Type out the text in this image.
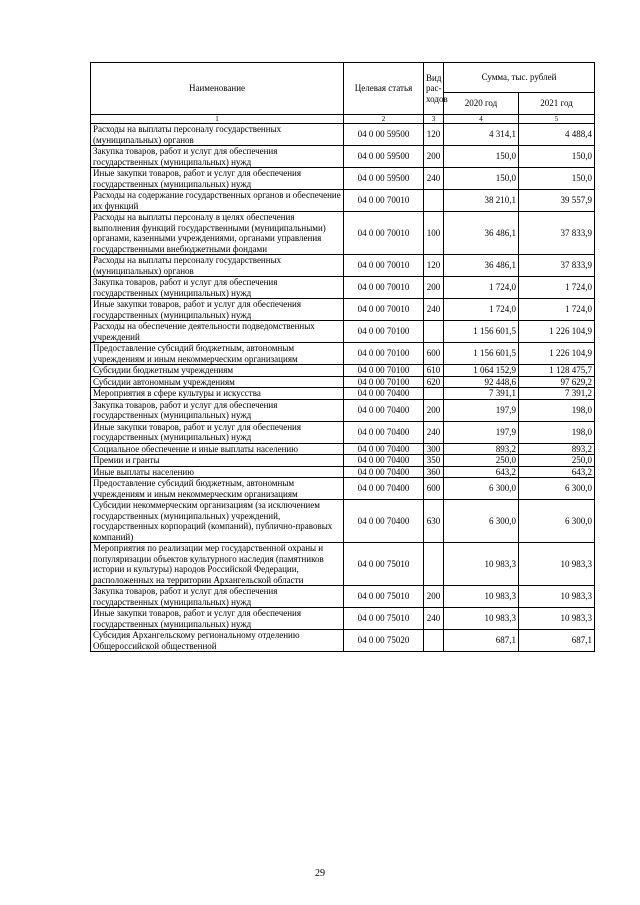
Наименование	Целевая статья	Вид рас-ходов	Сумма, тыс. рублей	
			2020 год	2021 год
1	2	3	4	5
Расходы на выплаты персоналу государственных (муниципальных) органов	04 0 00 59500	120	4 314,1	4 488,4
Закупка товаров, работ и услуг для обеспечения государственных (муниципальных) нужд	04 0 00 59500	200	150,0	150,0
Иные закупки товаров, работ и услуг для обеспечения государственных (муниципальных) нужд	04 0 00 59500	240	150,0	150,0
Расходы на содержание государственных органов и обеспечение их функций	04 0 00 70010		38 210,1	39 557,9
Расходы на выплаты персоналу в целях обеспечения выполнения функций государственными (муниципальными) органами, казенными учреждениями, органами управления государственными внебюджетными фондами	04 0 00 70010	100	36 486,1	37 833,9
Расходы на выплаты персоналу государственных (муниципальных) органов	04 0 00 70010	120	36 486,1	37 833,9
Закупка товаров, работ и услуг для обеспечения государственных (муниципальных) нужд	04 0 00 70010	200	1 724,0	1 724,0
Иные закупки товаров, работ и услуг для обеспечения государственных (муниципальных) нужд	04 0 00 70010	240	1 724,0	1 724,0
Расходы на обеспечение деятельности подведомственных учреждений	04 0 00 70100		1 156 601,5	1 226 104,9
Предоставление субсидий бюджетным, автономным учреждениям и иным некоммерческим организациям	04 0 00 70100	600	1 156 601,5	1 226 104,9
Субсидии бюджетным учреждениям	04 0 00 70100	610	1 064 152,9	1 128 475,7
Субсидии автономным учреждениям	04 0 00 70100	620	92 448,6	97 629,2
Мероприятия в сфере культуры и искусства	04 0 00 70400		7 391,1	7 391,2
Закупка товаров, работ и услуг для обеспечения государственных (муниципальных) нужд	04 0 00 70400	200	197,9	198,0
Иные закупки товаров, работ и услуг для обеспечения государственных (муниципальных) нужд	04 0 00 70400	240	197,9	198,0
Социальное обеспечение и иные выплаты населению	04 0 00 70400	300	893,2	893,2
Премии и гранты	04 0 00 70400	350	250,0	250,0
Иные выплаты населению	04 0 00 70400	360	643,2	643,2
Предоставление субсидий бюджетным, автономным учреждениям и иным некоммерческим организациям	04 0 00 70400	600	6 300,0	6 300,0
Субсидии некоммерческим организациям (за исключением государственных (муниципальных) учреждений, государственных корпораций (компаний), публично-правовых компаний)	04 0 00 70400	630	6 300,0	6 300,0
Мероприятия по реализации мер государственной охраны и популяризации объектов культурного наследия (памятников истории и культуры) народов Российской Федерации, расположенных на территории Архангельской области	04 0 00 75010		10 983,3	10 983,3
Закупка товаров, работ и услуг для обеспечения государственных (муниципальных) нужд	04 0 00 75010	200	10 983,3	10 983,3
Иные закупки товаров, работ и услуг для обеспечения государственных (муниципальных) нужд	04 0 00 75010	240	10 983,3	10 983,3
Субсидия Архангельскому региональному отделению Общероссийской общественной	04 0 00 75020		687,1	687,1
29
